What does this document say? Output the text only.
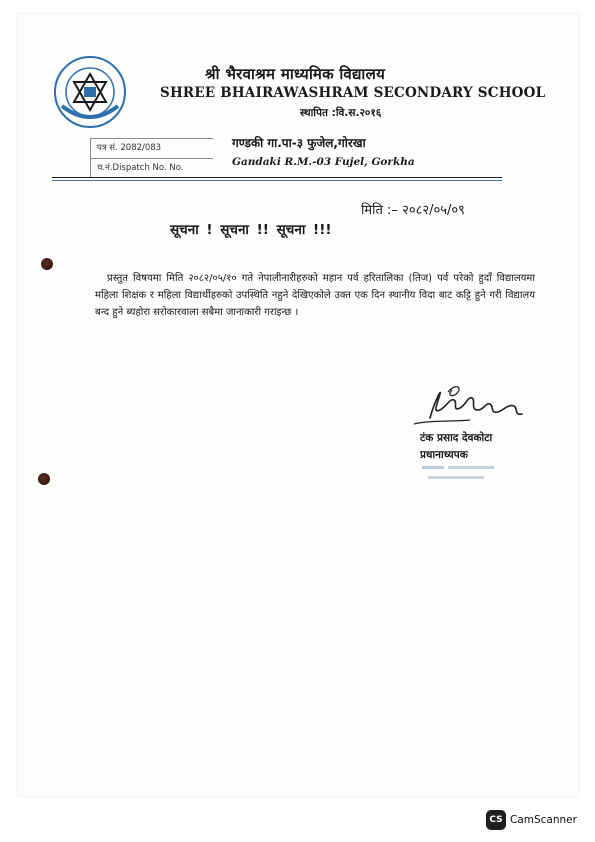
श्री भैरवाश्रम माध्यमिक विद्यालय
SHREE BHAIRAWASHRAM SECONDARY SCHOOL
स्थापित :वि.स.२०१६
पत्र सं. 2082/083
च.नं.Dispatch No. No.
गण्डकी गा.पा-३ फुजेल,गोरखा
Gandaki R.M.-03 Fujel, Gorkha
मिति :– २०८२/०५/०९
सूचना ! सूचना !! सूचना !!!
प्रस्तुत विषयमा मिति २०८२/०५/१० गते नेपालीनारीहरुको महान पर्व हरितालिका (तिज) पर्व परेको हुदाँ विद्यालयमा महिला शिक्षक र महिला विद्यार्थीहरुको उपस्थिति नहुने देखिएकोले उक्त एक दिन स्थानीय विदा बाट कट्टि हुने गरी विद्यालय बन्द हुने ब्यहोरा सरोकारवाला सबैमा जानाकारी गराइन्छ ।
टंक प्रसाद देवकोटा
प्रधानाध्यपक
CS CamScanner
